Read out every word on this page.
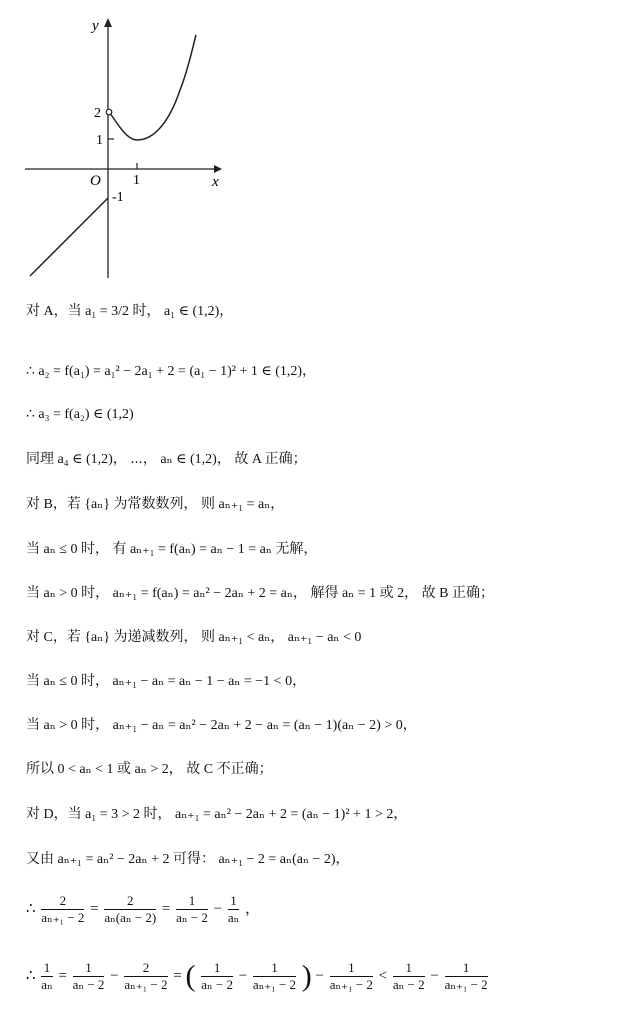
y
x
O
2
1
1
-1
对 A，当 a₁ = 3/2 时， a₁ ∈ (1,2)，
∴ a₂ = f(a₁) = a₁² − 2a₁ + 2 = (a₁ − 1)² + 1 ∈ (1,2)，
∴ a₃ = f(a₂) ∈ (1,2)
同理 a₄ ∈ (1,2)， ⋯， aₙ ∈ (1,2)， 故 A 正确；
对 B，若 {aₙ} 为常数数列， 则 aₙ₊₁ = aₙ，
当 aₙ ≤ 0 时， 有 aₙ₊₁ = f(aₙ) = aₙ − 1 = aₙ 无解，
当 aₙ > 0 时， aₙ₊₁ = f(aₙ) = aₙ² − 2aₙ + 2 = aₙ， 解得 aₙ = 1 或 2， 故 B 正确；
对 C，若 {aₙ} 为递减数列， 则 aₙ₊₁ < aₙ， aₙ₊₁ − aₙ < 0
当 aₙ ≤ 0 时， aₙ₊₁ − aₙ = aₙ − 1 − aₙ = −1 < 0，
当 aₙ > 0 时， aₙ₊₁ − aₙ = aₙ² − 2aₙ + 2 − aₙ = (aₙ − 1)(aₙ − 2) > 0，
所以 0 < aₙ < 1 或 aₙ > 2， 故 C 不正确；
对 D，当 a₁ = 3 > 2 时， aₙ₊₁ = aₙ² − 2aₙ + 2 = (aₙ − 1)² + 1 > 2，
又由 aₙ₊₁ = aₙ² − 2aₙ + 2 可得： aₙ₊₁ − 2 = aₙ(aₙ − 2)，
∴ $\frac{2}{\text{aₙ₊₁ − 2}} = \frac{2}{\text{aₙ(aₙ − 2)}} = \frac{1}{\text{aₙ − 2}} - \frac{1}{\text{aₙ}}$ ，
∴ $\frac{1}{\text{aₙ}} = \frac{1}{\text{aₙ − 2}} - \frac{2}{\text{aₙ₊₁ − 2}}$ = ( $\frac{1}{\text{aₙ − 2}} - \frac{1}{\text{aₙ₊₁ − 2}}$ ) − $\frac{1}{\text{aₙ₊₁ − 2}} < \frac{1}{\text{aₙ − 2}} - \frac{1}{\text{aₙ₊₁ − 2}}$
